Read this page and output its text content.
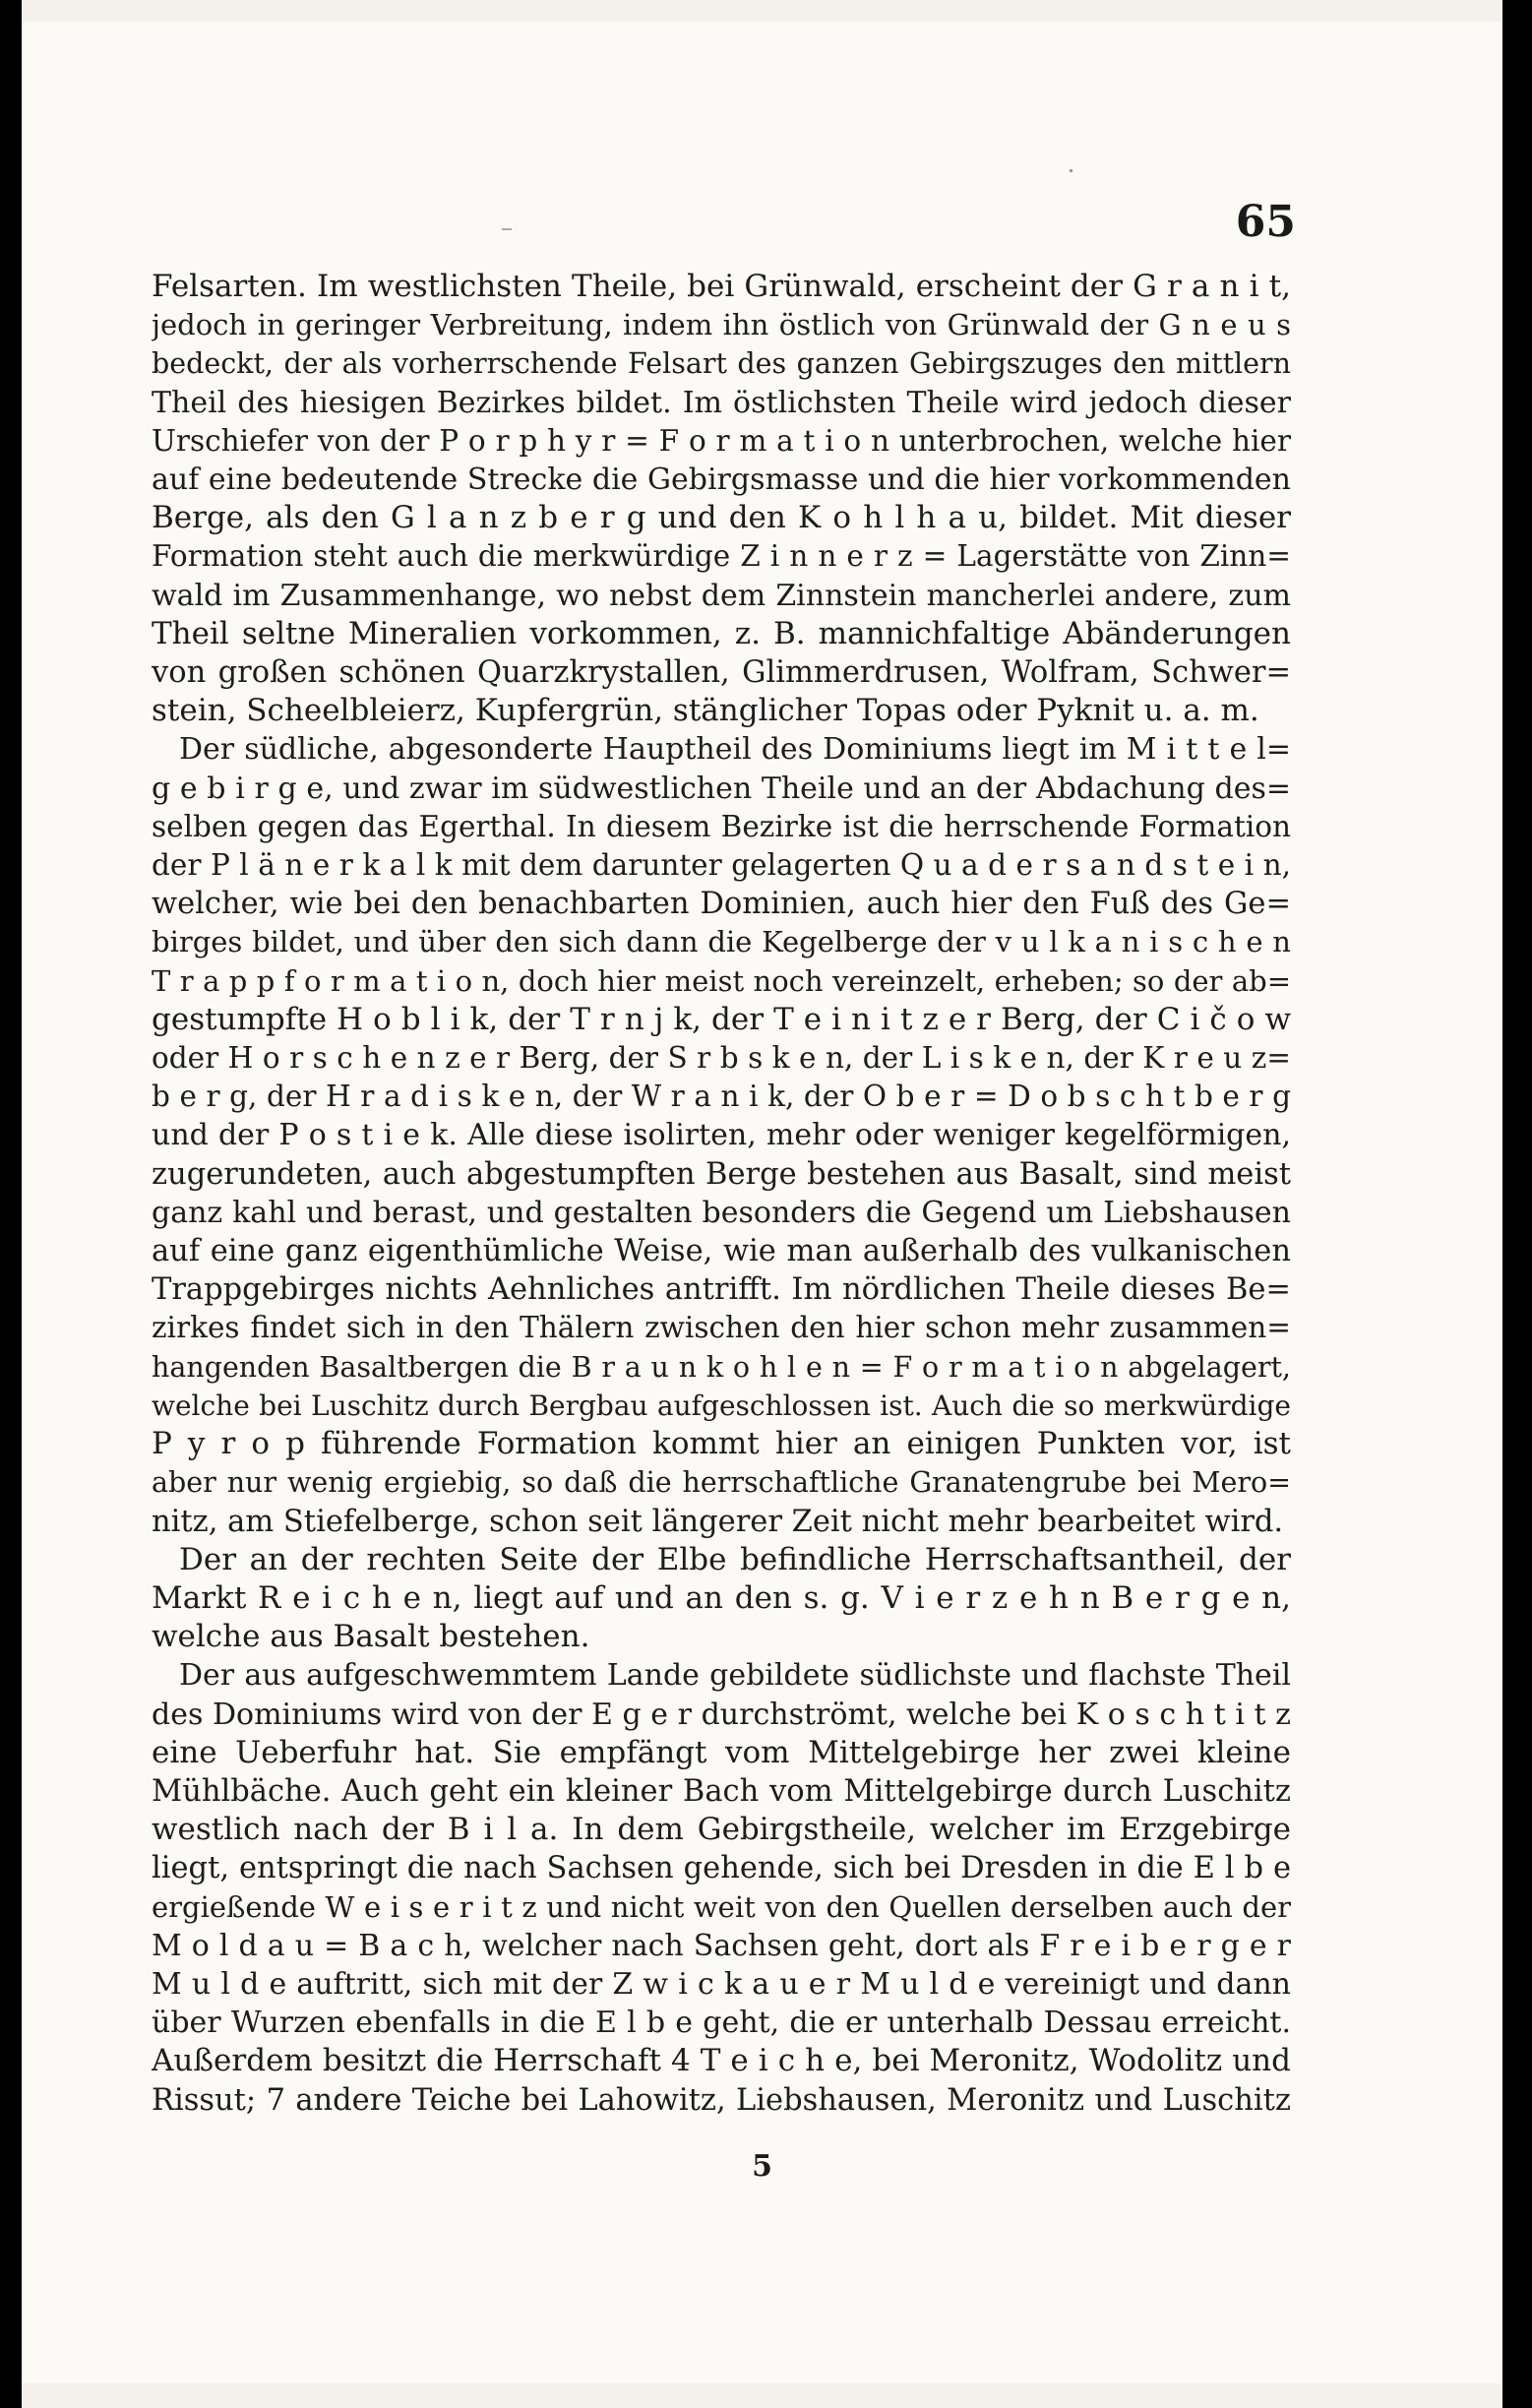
65
Felsarten. Im westlichsten Theile, bei Grünwald, erscheint der G r a n i t,
jedoch in geringer Verbreitung, indem ihn östlich von Grünwald der G n e u s
bedeckt, der als vorherrschende Felsart des ganzen Gebirgszuges den mittlern
Theil des hiesigen Bezirkes bildet. Im östlichsten Theile wird jedoch dieser
Urschiefer von der P o r p h y r = F o r m a t i o n unterbrochen, welche hier
auf eine bedeutende Strecke die Gebirgsmasse und die hier vorkommenden
Berge, als den G l a n z b e r g und den K o h l h a u, bildet. Mit dieser
Formation steht auch die merkwürdige Z i n n e r z = Lagerstätte von Zinn=
wald im Zusammenhange, wo nebst dem Zinnstein mancherlei andere, zum
Theil seltne Mineralien vorkommen, z. B. mannichfaltige Abänderungen
von großen schönen Quarzkrystallen, Glimmerdrusen, Wolfram, Schwer=
stein, Scheelbleierz, Kupfergrün, stänglicher Topas oder Pyknit u. a. m.
Der südliche, abgesonderte Hauptheil des Dominiums liegt im M i t t e l=
g e b i r g e, und zwar im südwestlichen Theile und an der Abdachung des=
selben gegen das Egerthal. In diesem Bezirke ist die herrschende Formation
der P l ä n e r k a l k mit dem darunter gelagerten Q u a d e r s a n d s t e i n,
welcher, wie bei den benachbarten Dominien, auch hier den Fuß des Ge=
birges bildet, und über den sich dann die Kegelberge der v u l k a n i s c h e n
T r a p p f o r m a t i o n, doch hier meist noch vereinzelt, erheben; so der ab=
gestumpfte H o b l i k, der T r n j k, der T e i n i t z e r Berg, der C i č o w
oder H o r s c h e n z e r Berg, der S r b s k e n, der L i s k e n, der K r e u z=
b e r g, der H r a d i s k e n, der W r a n i k, der O b e r = D o b s c h t b e r g
und der P o s t i e k. Alle diese isolirten, mehr oder weniger kegelförmigen,
zugerundeten, auch abgestumpften Berge bestehen aus Basalt, sind meist
ganz kahl und berast, und gestalten besonders die Gegend um Liebshausen
auf eine ganz eigenthümliche Weise, wie man außerhalb des vulkanischen
Trappgebirges nichts Aehnliches antrifft. Im nördlichen Theile dieses Be=
zirkes findet sich in den Thälern zwischen den hier schon mehr zusammen=
hangenden Basaltbergen die B r a u n k o h l e n = F o r m a t i o n abgelagert,
welche bei Luschitz durch Bergbau aufgeschlossen ist. Auch die so merkwürdige
P y r o p führende Formation kommt hier an einigen Punkten vor, ist
aber nur wenig ergiebig, so daß die herrschaftliche Granatengrube bei Mero=
nitz, am Stiefelberge, schon seit längerer Zeit nicht mehr bearbeitet wird.
Der an der rechten Seite der Elbe befindliche Herrschaftsantheil, der
Markt R e i c h e n, liegt auf und an den s. g. V i e r z e h n B e r g e n,
welche aus Basalt bestehen.
Der aus aufgeschwemmtem Lande gebildete südlichste und flachste Theil
des Dominiums wird von der E g e r durchströmt, welche bei K o s c h t i t z
eine Ueberfuhr hat. Sie empfängt vom Mittelgebirge her zwei kleine
Mühlbäche. Auch geht ein kleiner Bach vom Mittelgebirge durch Luschitz
westlich nach der B i l a. In dem Gebirgstheile, welcher im Erzgebirge
liegt, entspringt die nach Sachsen gehende, sich bei Dresden in die E l b e
ergießende W e i s e r i t z und nicht weit von den Quellen derselben auch der
M o l d a u = B a c h, welcher nach Sachsen geht, dort als F r e i b e r g e r
M u l d e auftritt, sich mit der Z w i c k a u e r M u l d e vereinigt und dann
über Wurzen ebenfalls in die E l b e geht, die er unterhalb Dessau erreicht.
Außerdem besitzt die Herrschaft 4 T e i c h e, bei Meronitz, Wodolitz und
Rissut; 7 andere Teiche bei Lahowitz, Liebshausen, Meronitz und Luschitz
5
